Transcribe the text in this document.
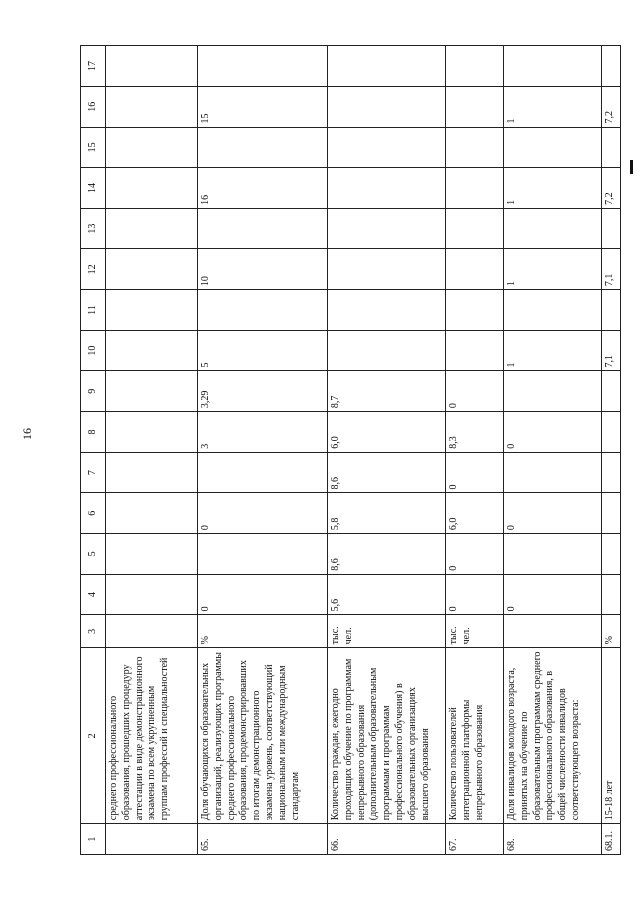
16
1	2	3	4	5	6	7	8	9	10	11	12	13	14	15	16	17
	среднего профессионального образования, прошедших процедуру аттестации в виде демонстрационного экзамена по всем укрупненным группам профессий и специальностей															
65.	Доля обучающихся образовательных организаций, реализующих программы среднего профессионального образования, продемонстрировавших по итогам демонстрационного экзамена уровень, соответствующий национальным или международным стандартам	%	0		0		3	3,29	5		10		16		15	
66.	Количество граждан, ежегодно проходящих обучение по программам непрерывного образования (дополнительным образовательным программам и программам профессионального обучения) в образовательных организациях высшего образования	тыс. чел.	5,6	8,6	5,8	8,6	6,0	8,7								
67.	Количество пользователей интеграционной платформы непрерывного образования	тыс. чел.	0	0	6,0	0	8,3	0								
68.	Доля инвалидов молодого возраста, принятых на обучение по образовательным программам среднего профессионального образования, в общей численности инвалидов соответствующего возраста:		0		0		0		1		1		1		1	
68.1.	15-18 лет	%							7,1		7,1		7,2		7,2	
